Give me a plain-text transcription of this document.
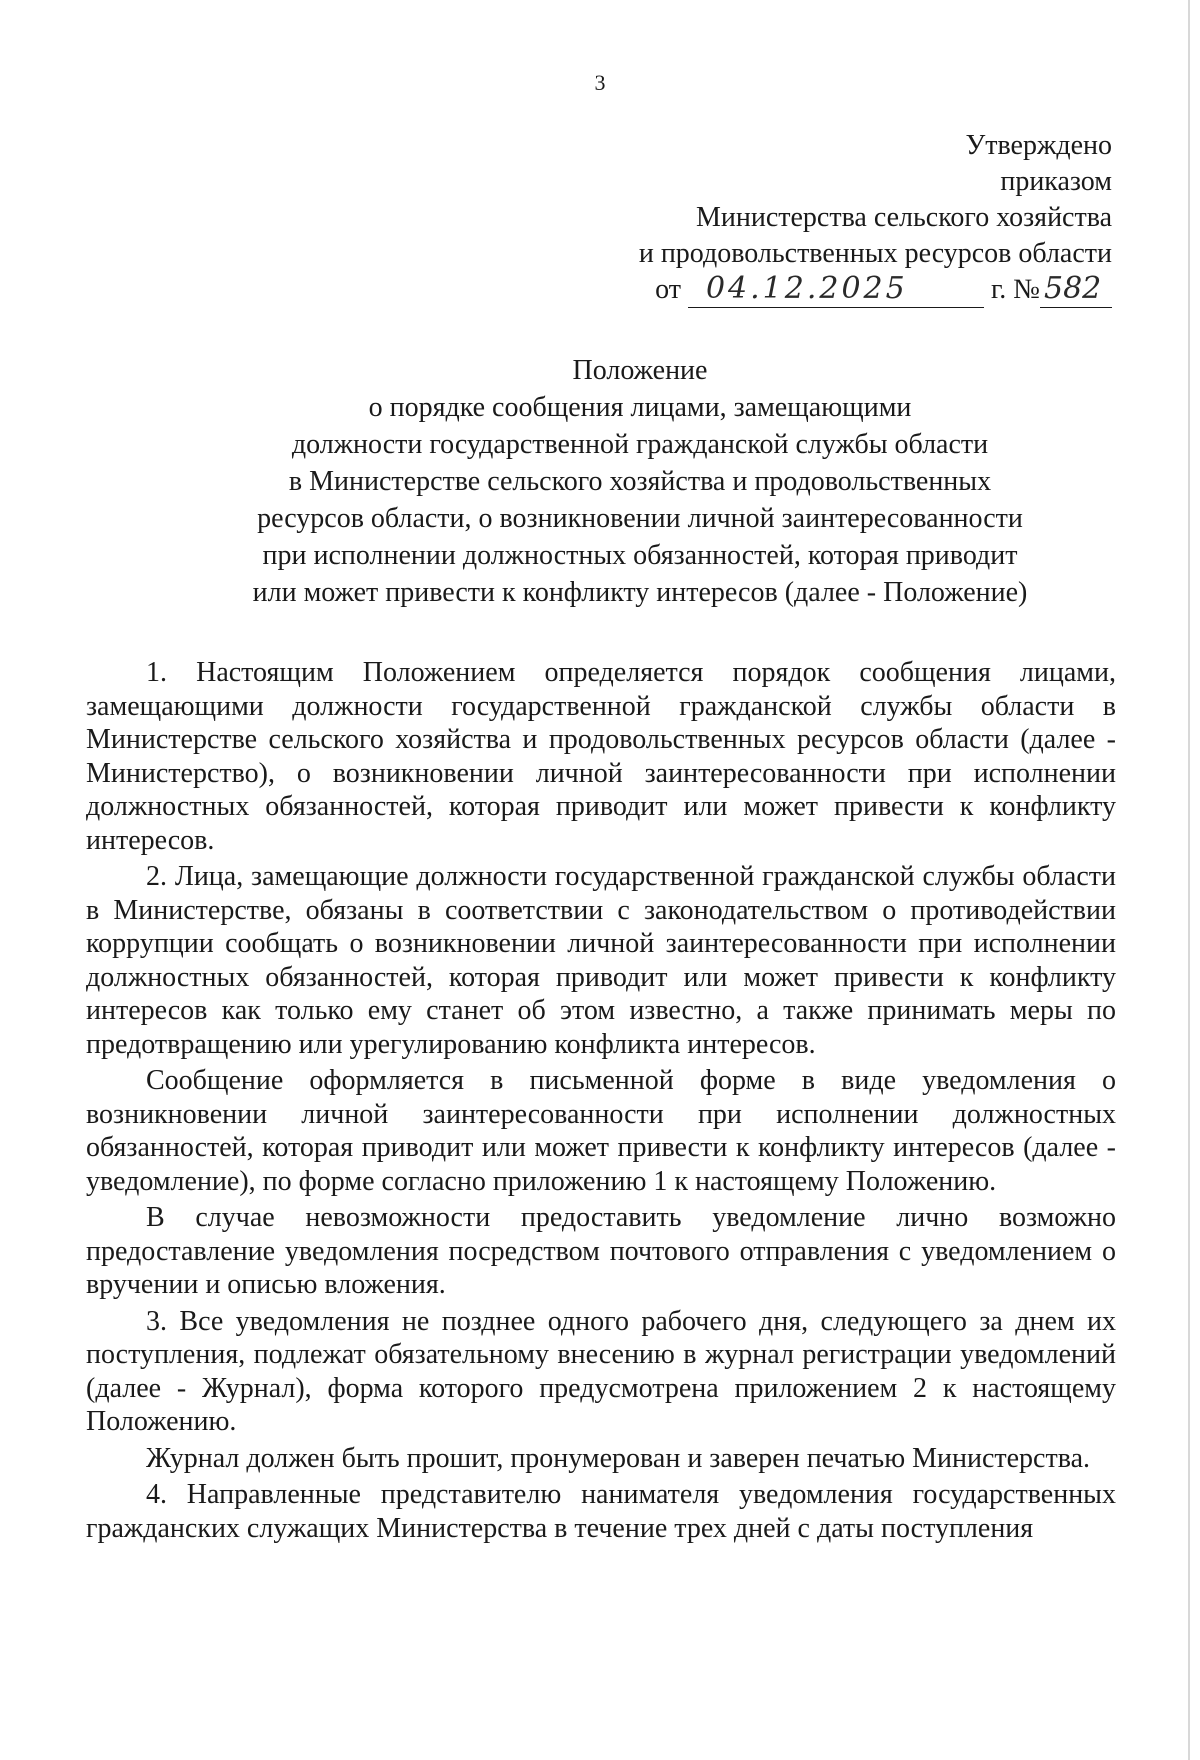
3
Утверждено
приказом
Министерства сельского хозяйства
и продовольственных ресурсов области
от 04.12.2025	г. № 582
Положение
о порядке сообщения лицами, замещающими
должности государственной гражданской службы области
в Министерстве сельского хозяйства и продовольственных
ресурсов области, о возникновении личной заинтересованности
при исполнении должностных обязанностей, которая приводит
или может привести к конфликту интересов (далее - Положение)

1. Настоящим Положением определяется порядок сообщения лицами, замещающими должности государственной гражданской службы области в Министерстве сельского хозяйства и продовольственных ресурсов области (далее - Министерство), о возникновении личной заинтересованности при исполнении должностных обязанностей, которая приводит или может привести к конфликту интересов.

2. Лица, замещающие должности государственной гражданской службы области в Министерстве, обязаны в соответствии с законодательством о противодействии коррупции сообщать о возникновении личной заинтересованности при исполнении должностных обязанностей, которая приводит или может привести к конфликту интересов как только ему станет об этом известно, а также принимать меры по предотвращению или урегулированию конфликта интересов.

Сообщение оформляется в письменной форме в виде уведомления о возникновении личной заинтересованности при исполнении должностных обязанностей, которая приводит или может привести к конфликту интересов (далее - уведомление), по форме согласно приложению 1 к настоящему Положению.

В случае невозможности предоставить уведомление лично возможно предоставление уведомления посредством почтового отправления с уведомлением о вручении и описью вложения.

3. Все уведомления не позднее одного рабочего дня, следующего за днем их поступления, подлежат обязательному внесению в журнал регистрации уведомлений (далее - Журнал), форма которого предусмотрена приложением 2 к настоящему Положению.

Журнал должен быть прошит, пронумерован и заверен печатью Министерства.

4. Направленные представителю нанимателя уведомления государственных гражданских служащих Министерства в течение трех дней с даты поступления
